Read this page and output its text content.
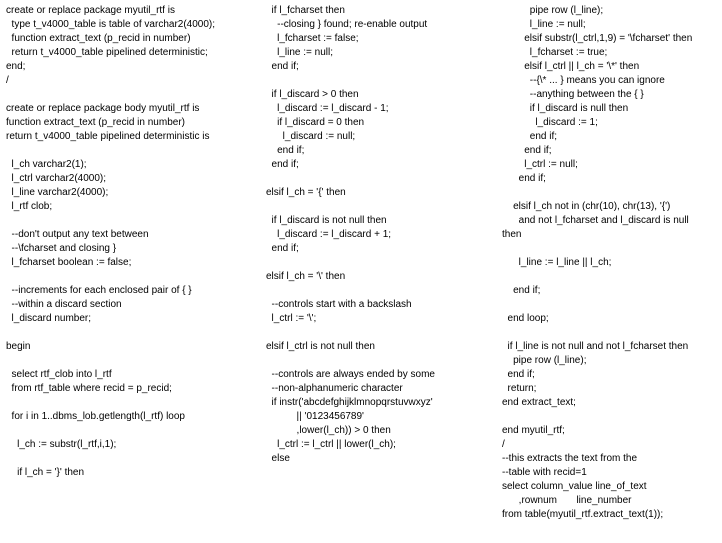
create or replace package myutil_rtf is
type t_v4000_table is table of varchar2(4000);
function extract_text (p_recid in number)
return t_v4000_table pipelined deterministic;
end;
/
create or replace package body myutil_rtf is
function extract_text (p_recid in number)
return t_v4000_table pipelined deterministic is
l_ch varchar2(1);
l_ctrl varchar2(4000);
l_line varchar2(4000);
l_rtf clob;
--don't output any text between
--\fcharset and closing }
l_fcharset boolean := false;
--increments for each enclosed pair of { }
--within a discard section
l_discard number;
begin
select rtf_clob into l_rtf
from rtf_table where recid = p_recid;
for i in 1..dbms_lob.getlength(l_rtf) loop
l_ch := substr(l_rtf,i,1);
if l_ch = '}' then
if l_fcharset then
--closing } found; re-enable output
l_fcharset := false;
l_line := null;
end if;
if l_discard > 0 then
l_discard := l_discard - 1;
if l_discard = 0 then
l_discard := null;
end if;
end if;
elsif l_ch = '{' then
if l_discard is not null then
l_discard := l_discard + 1;
end if;
elsif l_ch = '\' then
--controls start with a backslash
l_ctrl := '\';
elsif l_ctrl is not null then
--controls are always ended by some
--non-alphanumeric character
if instr('abcdefghijklmnopqrstuvwxyz'
|| '0123456789'
,lower(l_ch)) > 0 then
l_ctrl := l_ctrl || lower(l_ch);
else
pipe row (l_line);
l_line := null;
elsif substr(l_ctrl,1,9) = '\fcharset' then
l_fcharset := true;
elsif l_ctrl || l_ch = '\*' then
--{\* ... } means you can ignore
--anything between the { }
if l_discard is null then
l_discard := 1;
end if;
end if;
l_ctrl := null;
end if;
elsif l_ch not in (chr(10), chr(13), '{')
and not l_fcharset and l_discard is null
then
l_line := l_line || l_ch;
end if;
end loop;
if l_line is not null and not l_fcharset then
pipe row (l_line);
end if;
return;
end extract_text;
end myutil_rtf;
/
--this extracts the text from the
--table with recid=1
select column_value line_of_text
,rownum       line_number
from table(myutil_rtf.extract_text(1));
